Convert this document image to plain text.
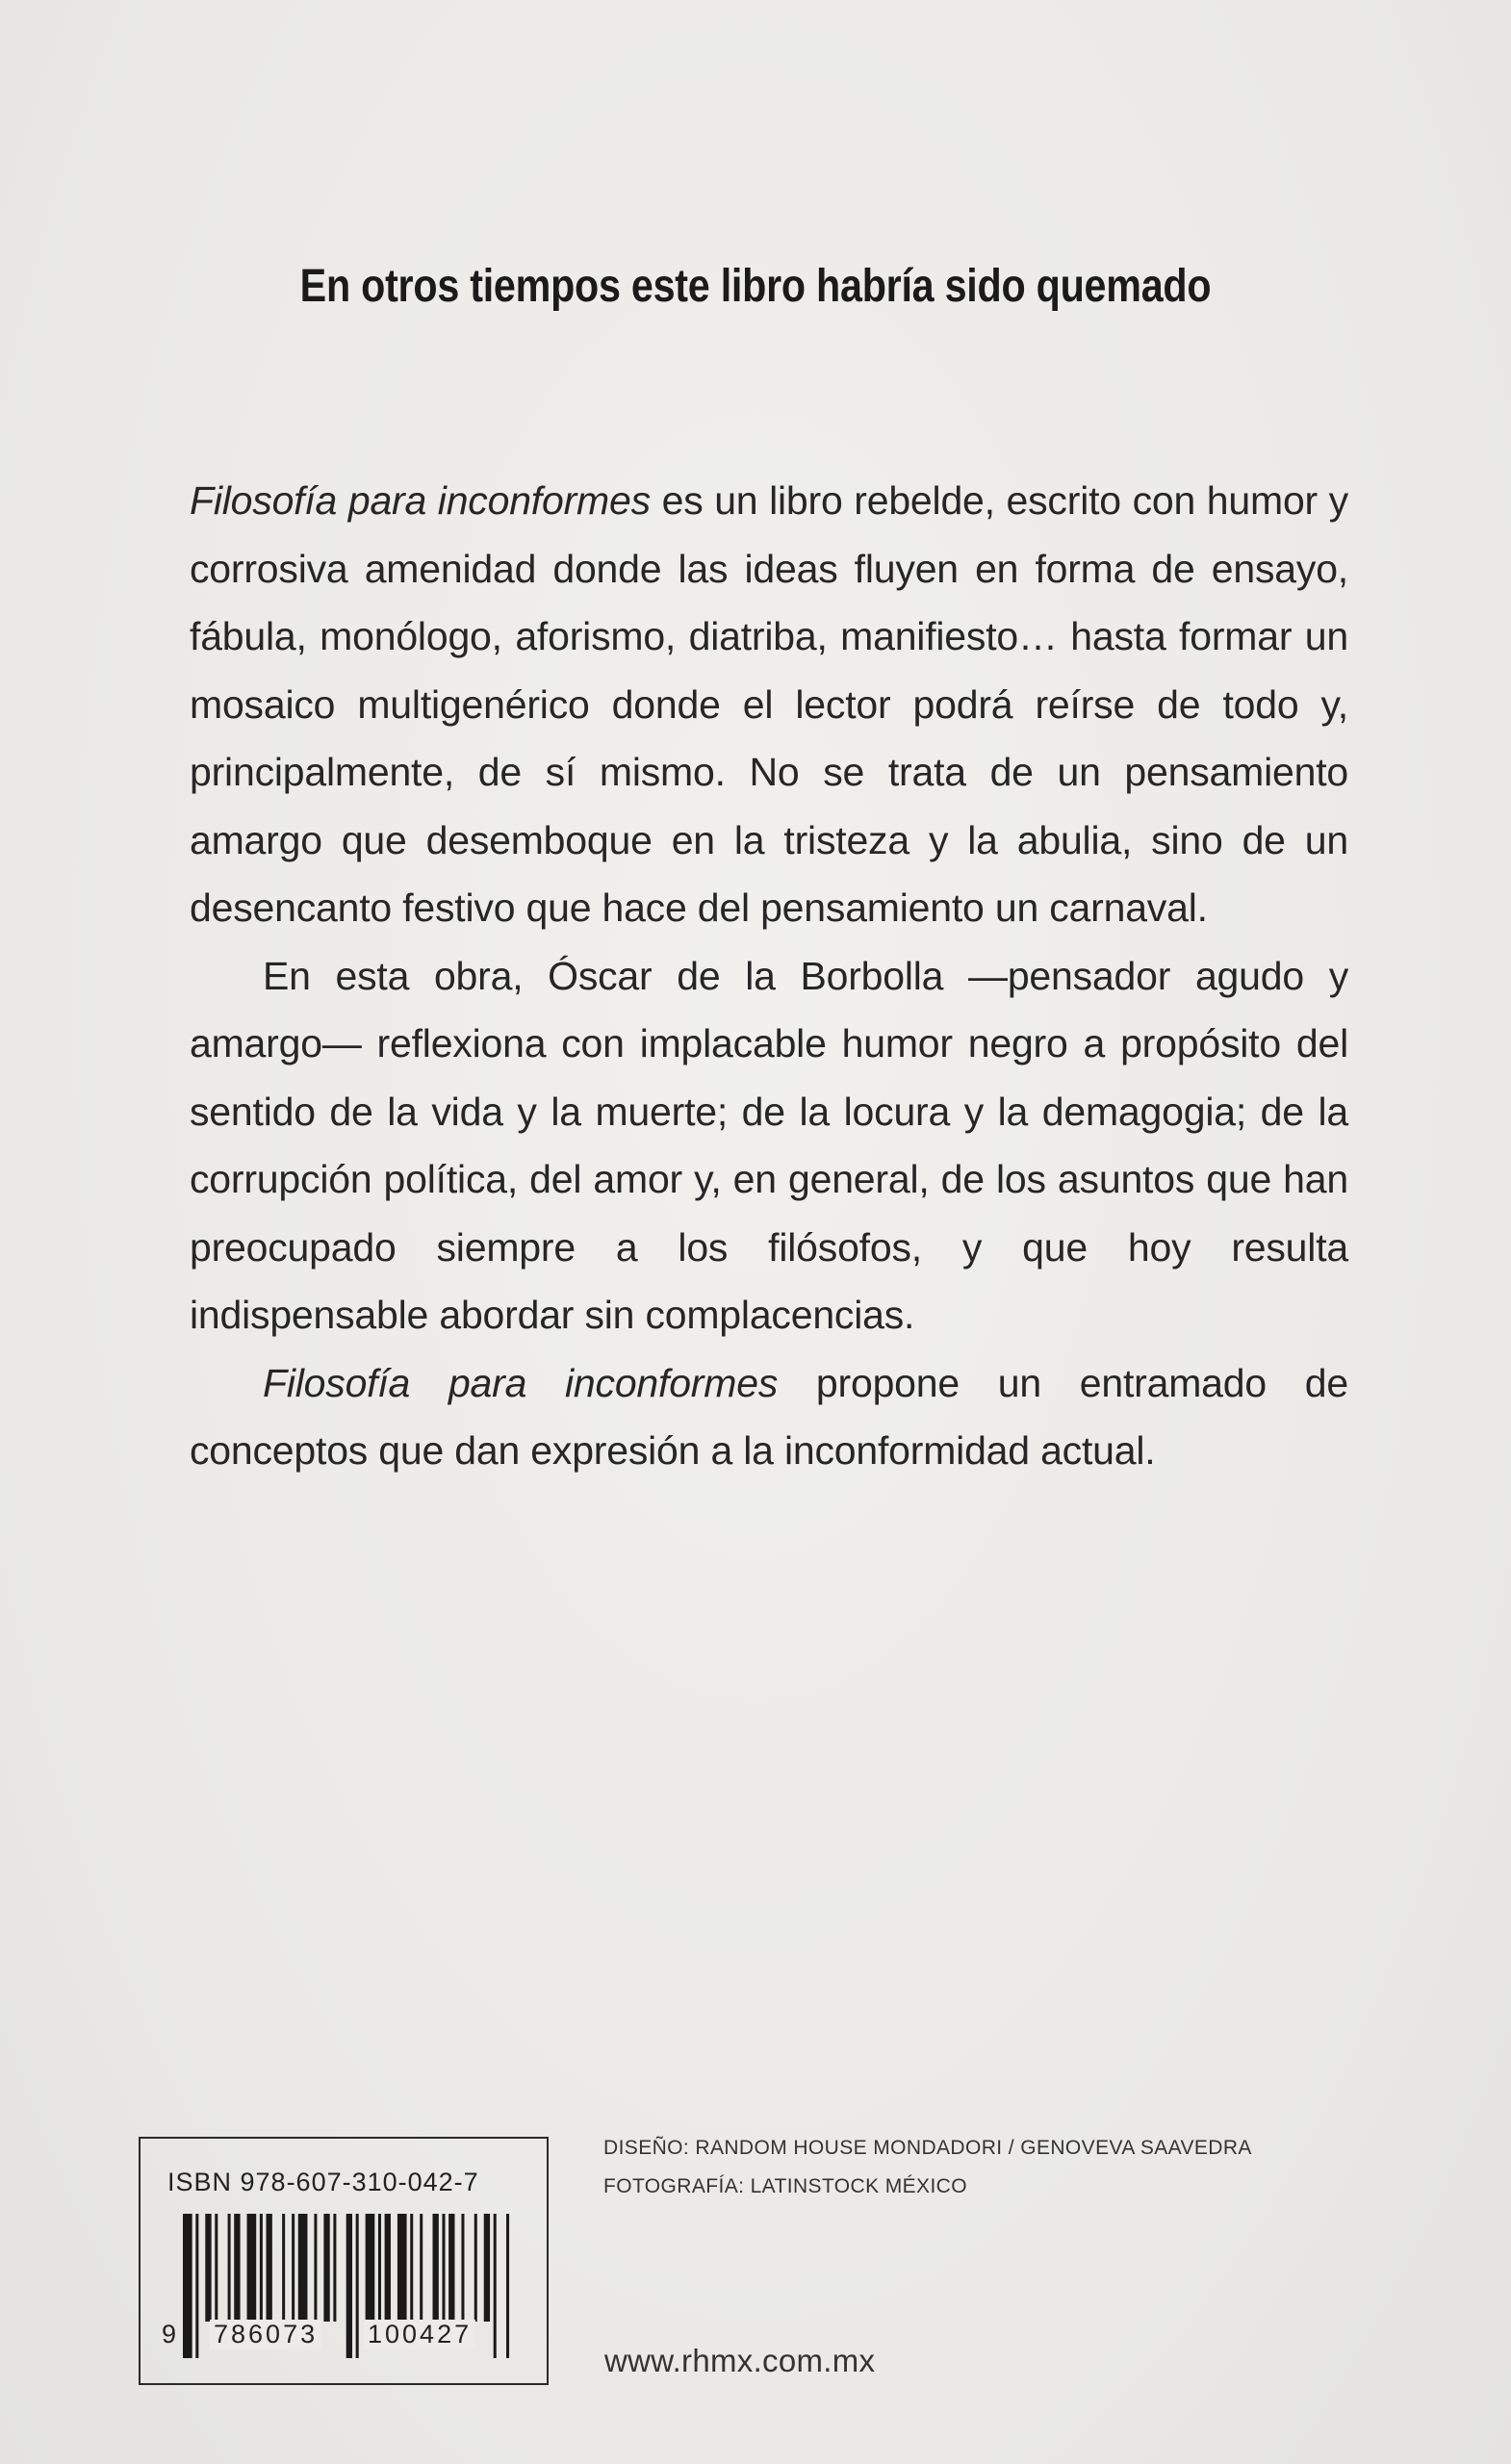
En otros tiempos este libro habría sido quemado

Filosofía para inconformes es un libro rebelde, escrito con humor y corrosiva amenidad donde las ideas fluyen en forma de ensayo, fábula, monólogo, aforismo, diatriba, manifiesto… hasta formar un mosaico multigenérico donde el lector podrá reírse de todo y, principalmente, de sí mismo. No se trata de un pensamiento amargo que desemboque en la tristeza y la abulia, sino de un desencanto festivo que hace del pensamiento un carnaval.

En esta obra, Óscar de la Borbolla —pensador agudo y amargo— reflexiona con implacable humor negro a propósito del sentido de la vida y la muerte; de la locura y la demagogia; de la corrupción política, del amor y, en general, de los asuntos que han preocupado siempre a los filósofos, y que hoy resulta indispensable abordar sin complacencias.

Filosofía para inconformes propone un entramado de conceptos que dan expresión a la inconformidad actual.

ISBN 978-607-310-042-7
9 786073 100427
DISEÑO: RANDOM HOUSE MONDADORI / GENOVEVA SAAVEDRA
FOTOGRAFÍA: LATINSTOCK MÉXICO
www.rhmx.com.mx
